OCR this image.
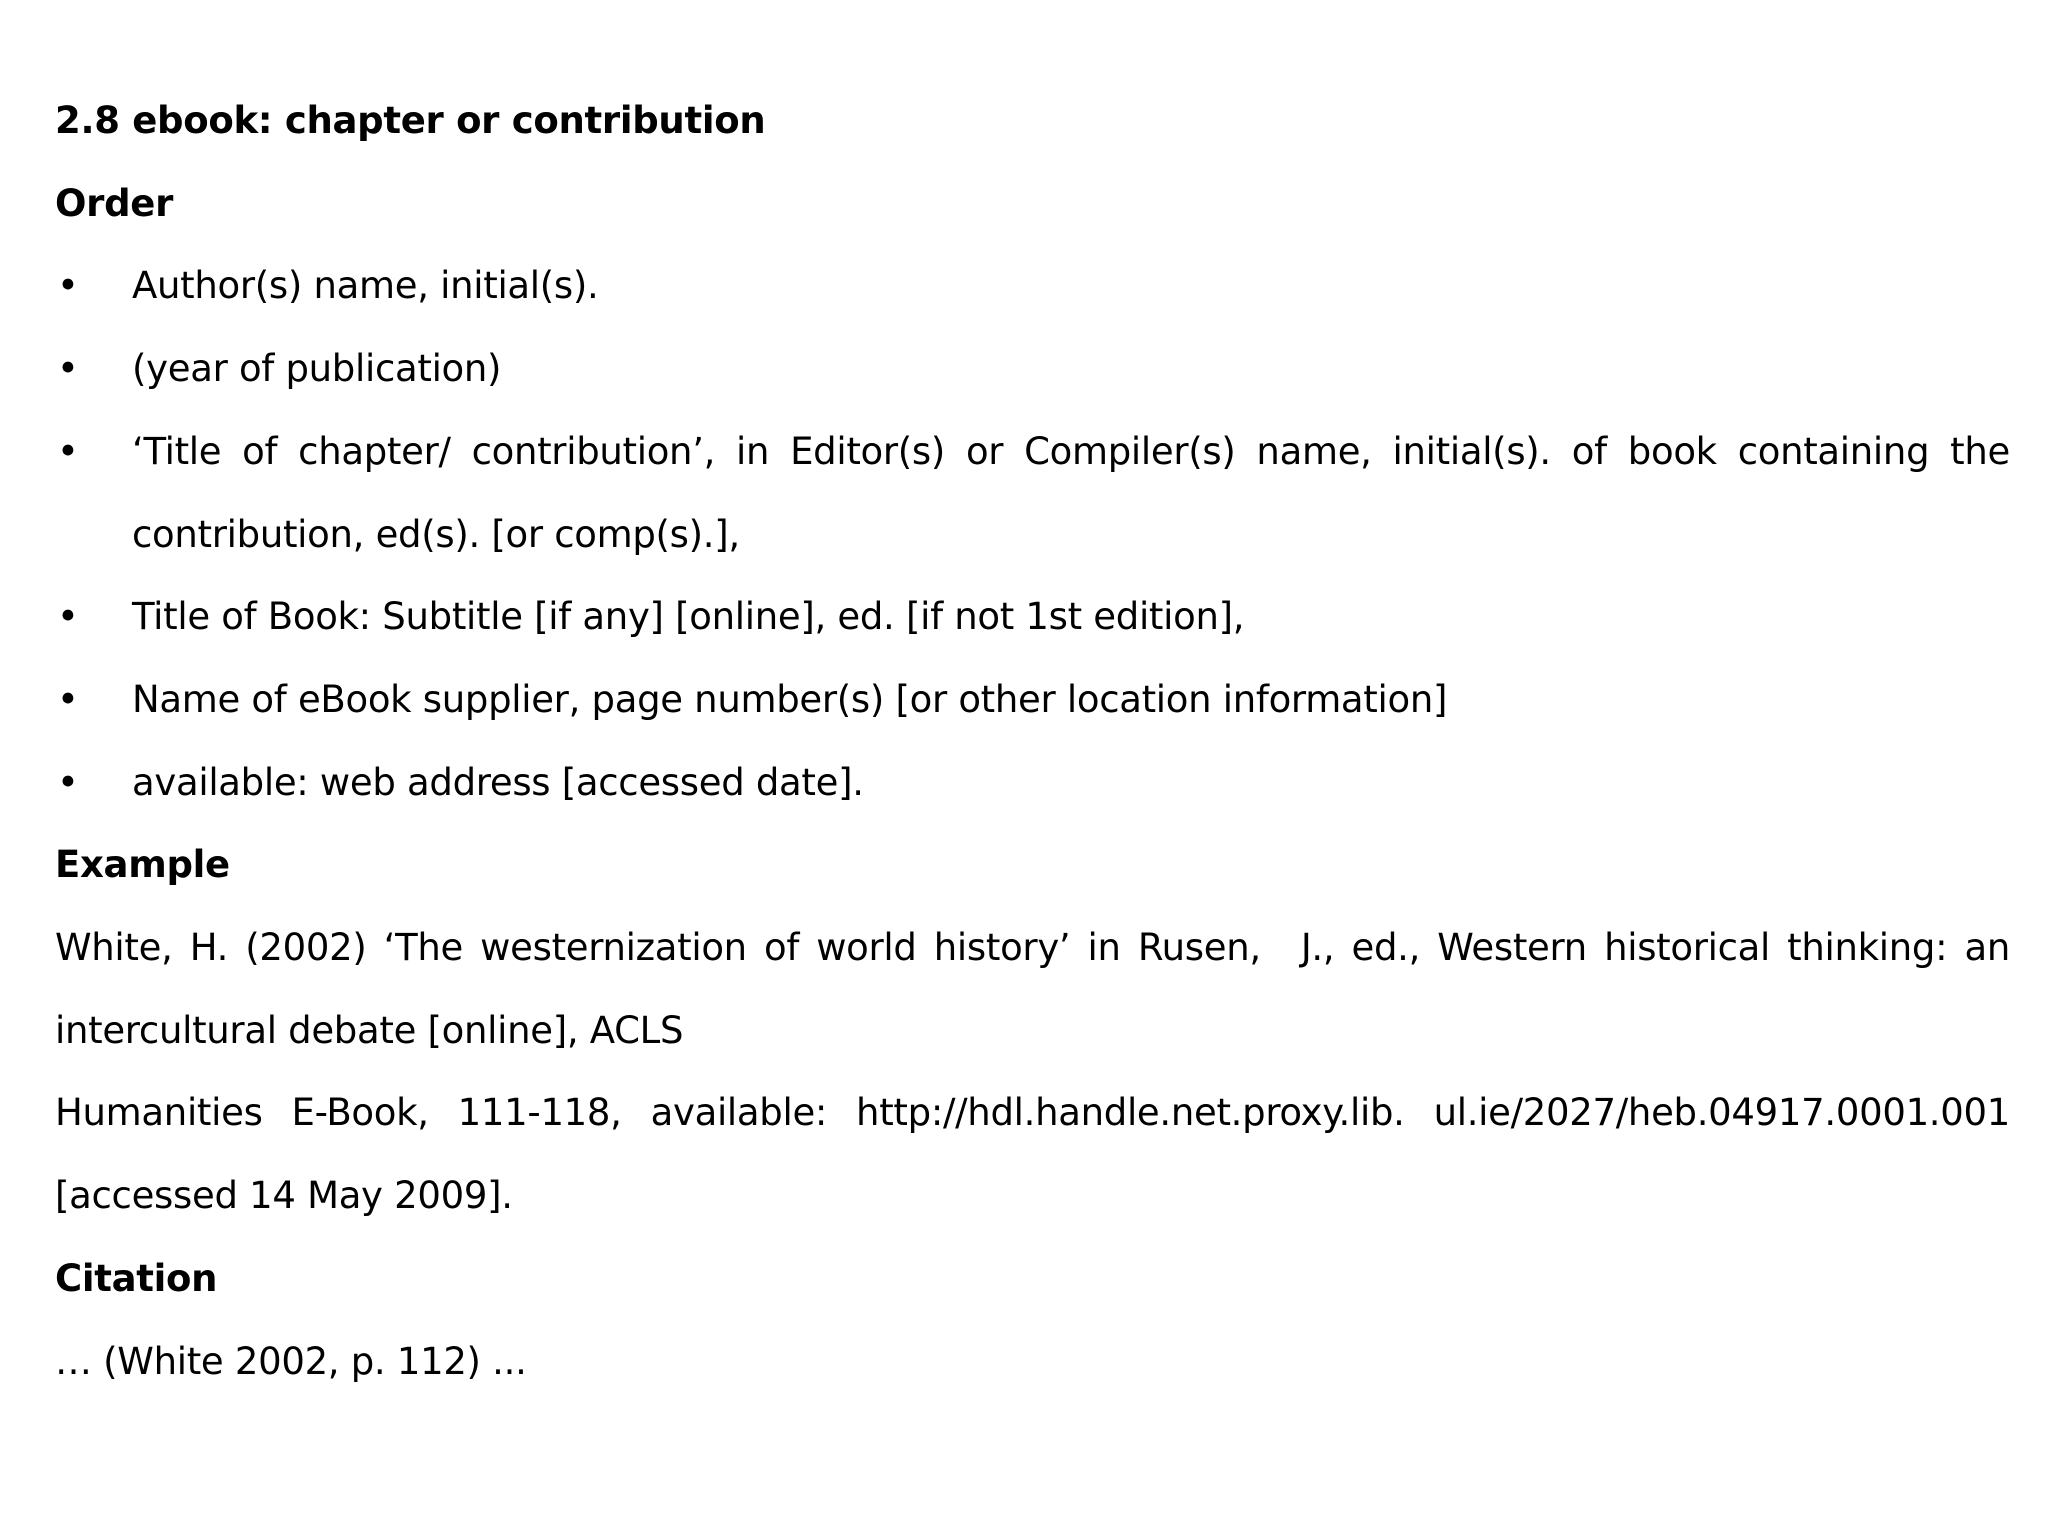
2.8 ebook: chapter or contribution
Order
• Author(s) name, initial(s).
• (year of publication)
• ‘Title of chapter/ contribution’, in Editor(s) or Compiler(s) name, initial(s). of book containing the
contribution, ed(s). [or comp(s).],
• Title of Book: Subtitle [if any] [online], ed. [if not 1st edition],
• Name of eBook supplier, page number(s) [or other location information]
• available: web address [accessed date].
Example
White, H. (2002) ‘The westernization of world history’ in Rusen, J., ed., Western historical thinking: an
intercultural debate [online], ACLS
Humanities E-Book, 111-118, available: http://hdl.handle.net.proxy.lib. ul.ie/2027/heb.04917.0001.001
[accessed 14 May 2009].
Citation
… (White 2002, p. 112) ...
